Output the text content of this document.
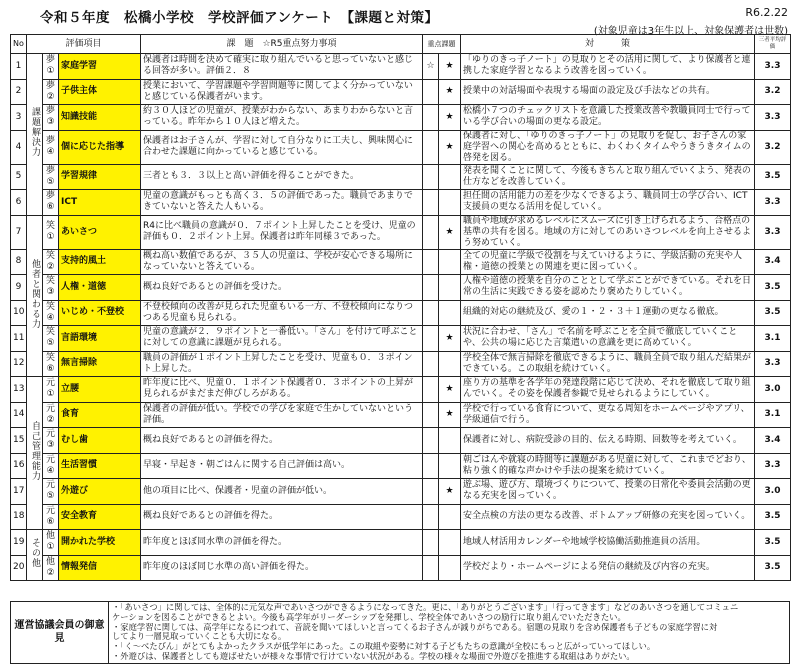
令和５年度　松橋小学校　学校評価アンケート　【課題と対策】	R6.2.22
(対象児童は3年生以上、対象保護者は世数)
No	評価項目			課　題　☆R5重点努力事項	重点課題		対　　　策	三者平均評価
1	課題解決力	夢①	家庭学習	保護者は時間を決めて確実に取り組んでいると思っていないと感じる回答が多い。評価２．８	☆	★	「ゆりのきっ子ノート」の見取りとその活用に関して、より保護者と連携した家庭学習となるよう改善を図っていく。	3.3
2		夢②	子供主体	授業において、学習課題や学習問題等に関してよく分かっていないと感じている保護者がいます。		★	授業中の対話場面や表現する場面の設定及び手法などの共有。	3.2
3		夢③	知識技能	約３０人ほどの児童が、授業がわからない、あまりわからないと言っている。昨年から１０人ほど増えた。		★	松橋小７つのチェックリストを意識した授業改善や教職員同士で行っている学び合いの場面の更なる設定。	3.3
4		夢④	個に応じた指導	保護者はお子さんが、学習に対して自分なりに工夫し、興味関心に合わせた課題に向かっていると感じている。		★	保護者に対し、「ゆりのきっ子ノート」の見取りを促し、お子さんの家庭学習への関心を高めるとともに、わくわくタイムやうきうきタイムの啓発を図る。	3.2
5		夢⑤	学習規律	三者とも３．３以上と高い評価を得ることができた。			発表を聞くことに関して、今後もきちんと取り組んでいくよう、発表の仕方などを改善していく。	3.5
6		夢⑥	ICT	児童の意識がもっとも高く３．５の評価であった。職員であまりできていないと答えた人もいる。			担任間の活用能力の差を少なくできるよう、職員同士の学び合い、ICT支援員の更なる活用を促していく。	3.3
7	他者と関わる力	笑①	あいさつ	R4に比べ職員の意識が０．７ポイント上昇したことを受け、児童の評価も０．２ポイント上昇。保護者は昨年同様３であった。		★	職員や地域が求めるレベルにスムーズに引き上げられるよう、合格点の基準の共有を図る。地域の方に対してのあいさつレベルを向上させるよう努めていく。	3.3
8		笑②	支持的風土	概ね高い数値であるが、３５人の児童は、学校が安心できる場所になっていないと答えている。			全ての児童に学級で役割を与えていけるように、学級活動の充実や人権・道徳の授業との関連を更に図っていく。	3.4
9		笑③	人権・道徳	概ね良好であるとの評価を受けた。			人権や道徳の授業を自分のこととして学ぶことができている。それを日常の生活に実践できる姿を認めたり褒めたりしていく。	3.5
10		笑④	いじめ・不登校	不登校傾向の改善が見られた児童もいる一方、不登校傾向になりつつある児童も見られる。			組織的対応の継続及び、愛の１・２・３＋１運動の更なる徹底。	3.5
11		笑⑤	言語環境	児童の意識が２．９ポイントと一番低い。「さん」を付けて呼ぶことに対しての意識に課題が見られる。		★	状況に合わせ、「さん」で名前を呼ぶことを全員で徹底していくことや、公共の場に応じた言葉遣いの意識を更に高めていく。	3.1
12		笑⑥	無言掃除	職員の評価が１ポイント上昇したことを受け、児童も０．３ポイント上昇した。			学校全体で無言掃除を徹底できるように、職員全員で取り組んだ結果ができている。この取組を続けていく。	3.3
13	自己管理能力	元①	立腰	昨年度に比べ、児童０．１ポイント保護者０．３ポイントの上昇が見られるがまだまだ伸びしろがある。		★	座り方の基準を各学年の発達段階に応じて決め、それを徹底して取り組んでいく。その姿を保護者参観で見せられるようにしていく。	3.0
14		元②	食育	保護者の評価が低い。学校での学びを家庭で生かしていないという評価。		★	学校で行っている食育について、更なる周知をホームページやアプリ、学級通信で行う。	3.1
15		元③	むし歯	概ね良好であるとの評価を得た。			保護者に対し、病院受診の目的、伝える時期、回数等を考えていく。	3.4
16		元④	生活習慣	早寝・早起き・朝ごはんに関する自己評価は高い。			朝ごはんや就寝の時間等に課題がある児童に対して、これまでどおり、粘り強く的確な声かけや手法の提案を続けていく。	3.3
17		元⑤	外遊び	他の項目に比べ、保護者・児童の評価が低い。		★	遊ぶ場、遊び方、環境づくりについて、授業の日常化や委員会活動の更なる充実を図っていく。	3.0
18		元⑥	安全教育	概ね良好であるとの評価を得た。			安全点検の方法の更なる改善、ボトムアップ研修の充実を図っていく。	3.5
19	その他	他①	開かれた学校	昨年度とほぼ同水準の評価を得た。			地域人材活用カレンダーや地域学校協働活動推進員の活用。	3.5
20		他②	情報発信	昨年度のほぼ同じ水準の高い評価を得た。			学校だより・ホームページによる発信の継続及び内容の充実。	3.5
運営協議会員の御意見	
・「あいさつ」に関しては、全体的に元気な声であいさつができるようになってきた。更に、「ありがとうございます」「行ってきます」などのあいさつを通してコミュニ
ケーションを図ることができるとよい。今後も高学年がリーダーシップを発揮し、学校全体であいさつの励行に取り組んでいただきたい。
・家庭学習に関しては、高学年になるにつれて、音読を聞いてほしいと言ってくるお子さんが減りがちである。宿題の見取りを含め保護者も子どもの家庭学習に対
してより一層見取っていくことも大切になる。
・「く〜べたびん」がとてもよかったクラスが低学年にあった。この取組や姿勢に対する子どもたちの意識が全校にもっと広がっていってほしい。
・外遊びは、保護者としても遊ばせたいが様々な事情で行けていない状況がある。学校の様々な場面で外遊びを推進する取組はありがたい。
